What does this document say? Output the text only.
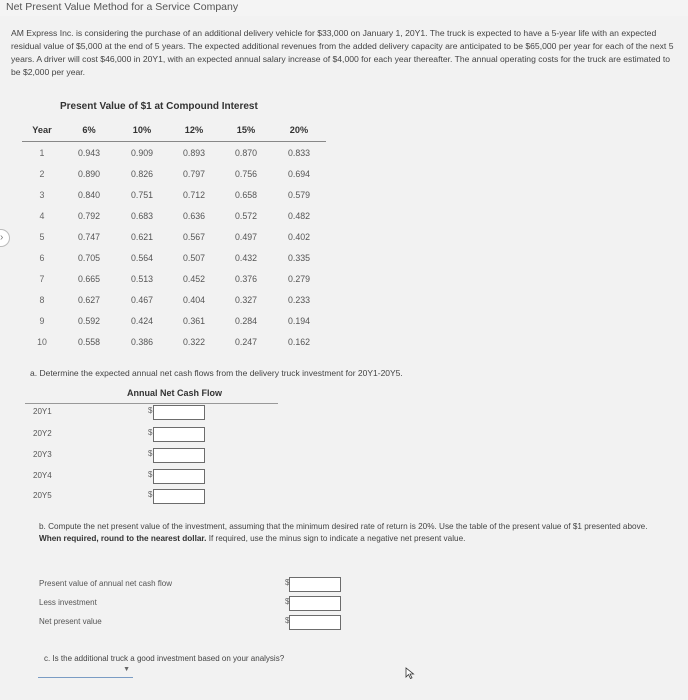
Net Present Value Method for a Service Company
›
AM Express Inc. is considering the purchase of an additional delivery vehicle for $33,000 on January 1, 20Y1. The truck is expected to have a 5-year life with an expected residual value of $5,000 at the end of 5 years. The expected additional revenues from the added delivery capacity are anticipated to be $65,000 per year for each of the next 5 years. A driver will cost $46,000 in 20Y1, with an expected annual salary increase of $4,000 for each year thereafter. The annual operating costs for the truck are estimated to be $2,000 per year.
Present Value of $1 at Compound Interest
Year	6%	10%	12%	15%	20%
1	0.943	0.909	0.893	0.870	0.833
2	0.890	0.826	0.797	0.756	0.694
3	0.840	0.751	0.712	0.658	0.579
4	0.792	0.683	0.636	0.572	0.482
5	0.747	0.621	0.567	0.497	0.402
6	0.705	0.564	0.507	0.432	0.335
7	0.665	0.513	0.452	0.376	0.279
8	0.627	0.467	0.404	0.327	0.233
9	0.592	0.424	0.361	0.284	0.194
10	0.558	0.386	0.322	0.247	0.162
a. Determine the expected annual net cash flows from the delivery truck investment for 20Y1-20Y5.
Annual Net Cash Flow
20Y1	$
20Y2	$
20Y3	$
20Y4	$
20Y5	$
b. Compute the net present value of the investment, assuming that the minimum desired rate of return is 20%. Use the table of the present value of $1 presented above. When required, round to the nearest dollar. If required, use the minus sign to indicate a negative net present value.
Present value of annual net cash flow	$
Less investment	$
Net present value	$
c. Is the additional truck a good investment based on your analysis?
▼
